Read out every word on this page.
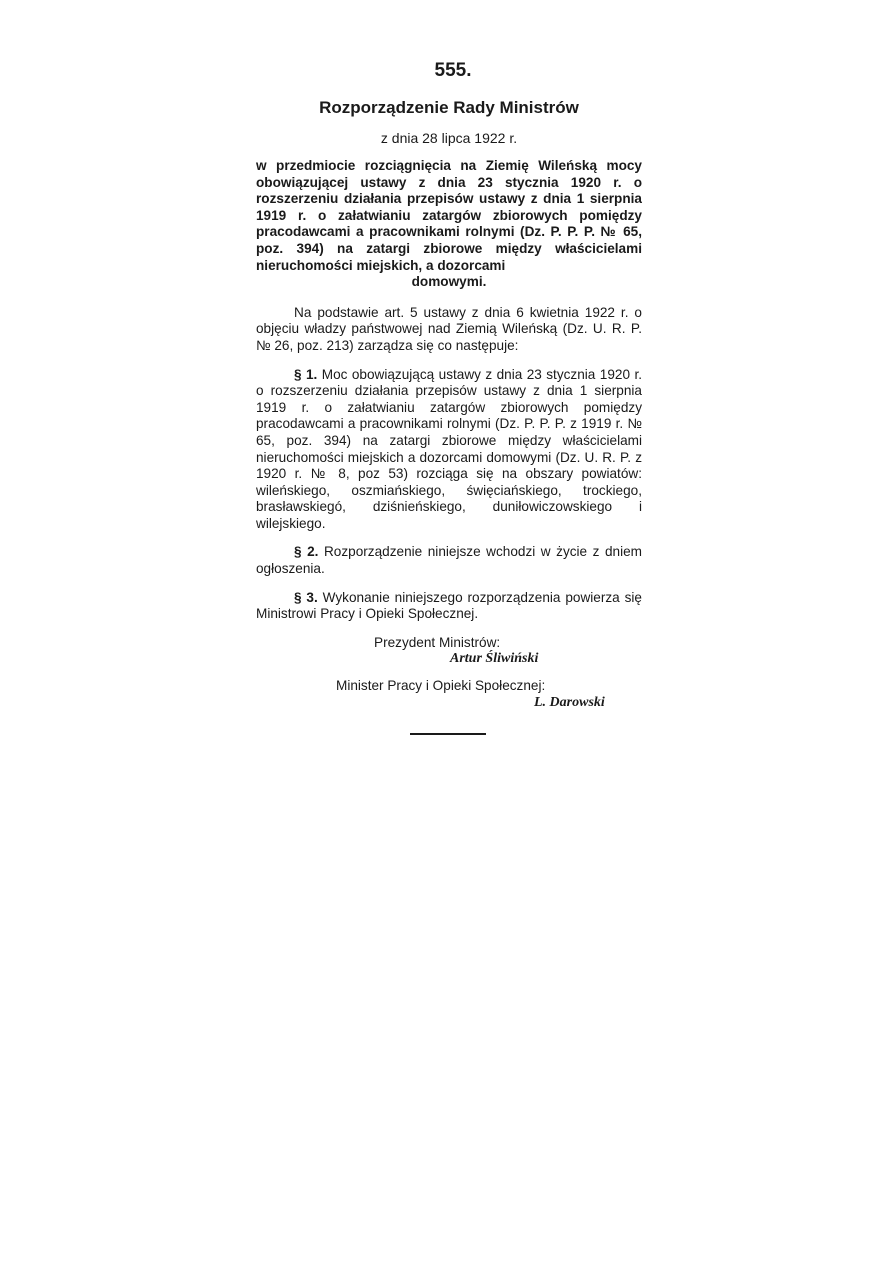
555.
Rozporządzenie Rady Ministrów
z dnia 28 lipca 1922 r.

w przedmiocie rozciągnięcia na Ziemię Wileńską mocy obowiązującej ustawy z dnia 23 stycznia 1920 r. o rozszerzeniu działania przepisów ustawy z dnia 1 sierpnia 1919 r. o załatwianiu zatargów zbiorowych pomiędzy pracodawcami a pracownikami rolnymi (Dz. P. P. P. № 65, poz. 394) na zatargi zbiorowe między właścicielami nieruchomości miejskich, a dozorcami

domowymi.

Na podstawie art. 5 ustawy z dnia 6 kwietnia 1922 r. o objęciu władzy państwowej nad Ziemią Wileńską (Dz. U. R. P. № 26, poz. 213) zarządza się co następuje:

§ 1. Moc obowiązującą ustawy z dnia 23 stycznia 1920 r. o rozszerzeniu działania przepisów ustawy z dnia 1 sierpnia 1919 r. o załatwianiu zatargów zbiorowych pomiędzy pracodawcami a pracownikami rolnymi (Dz. P. P. P. z 1919 r. № 65, poz. 394) na zatargi zbiorowe między właścicielami nieruchomości miejskich a dozorcami domowymi (Dz. U. R. P. z 1920 r. № 8, poz 53) rozciąga się na obszary powiatów: wileńskiego, oszmiańskiego, święciańskiego, trockiego, brasławskiegó, dziśnieńskiego, duniłowiczowskiego i wilejskiego.

§ 2. Rozporządzenie niniejsze wchodzi w życie z dniem ogłoszenia.

§ 3. Wykonanie niniejszego rozporządzenia powierza się Ministrowi Pracy i Opieki Społecznej.

Prezydent Ministrów:

Artur Śliwiński

Minister Pracy i Opieki Społecznej:

L. Darowski
